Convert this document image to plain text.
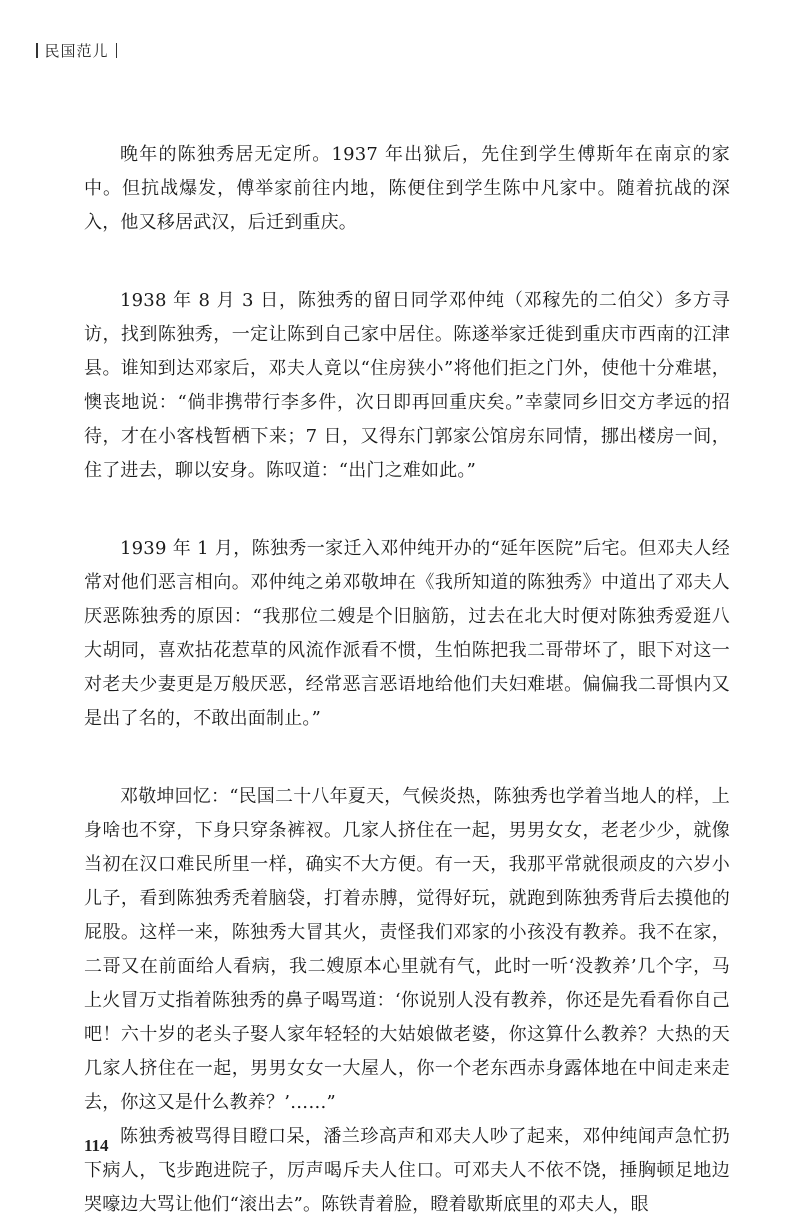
民国范儿

晚年的陈独秀居无定所。1937 年出狱后，先住到学生傅斯年在南京的家中。但抗战爆发，傅举家前往内地，陈便住到学生陈中凡家中。随着抗战的深入，他又移居武汉，后迁到重庆。

1938 年 8 月 3 日，陈独秀的留日同学邓仲纯（邓稼先的二伯父）多方寻访，找到陈独秀，一定让陈到自己家中居住。陈遂举家迁徙到重庆市西南的江津县。谁知到达邓家后，邓夫人竟以“住房狭小”将他们拒之门外，使他十分难堪，懊丧地说：“倘非携带行李多件，次日即再回重庆矣。”幸蒙同乡旧交方孝远的招待，才在小客栈暂栖下来；7 日，又得东门郭家公馆房东同情，挪出楼房一间，住了进去，聊以安身。陈叹道：“出门之难如此。”

1939 年 1 月，陈独秀一家迁入邓仲纯开办的“延年医院”后宅。但邓夫人经常对他们恶言相向。邓仲纯之弟邓敬坤在《我所知道的陈独秀》中道出了邓夫人厌恶陈独秀的原因：“我那位二嫂是个旧脑筋，过去在北大时便对陈独秀爱逛八大胡同，喜欢拈花惹草的风流作派看不惯，生怕陈把我二哥带坏了，眼下对这一对老夫少妻更是万般厌恶，经常恶言恶语地给他们夫妇难堪。偏偏我二哥惧内又是出了名的，不敢出面制止。”

邓敬坤回忆：“民国二十八年夏天，气候炎热，陈独秀也学着当地人的样，上身啥也不穿，下身只穿条裤衩。几家人挤住在一起，男男女女，老老少少，就像当初在汉口难民所里一样，确实不大方便。有一天，我那平常就很顽皮的六岁小儿子，看到陈独秀秃着脑袋，打着赤膊，觉得好玩，就跑到陈独秀背后去摸他的屁股。这样一来，陈独秀大冒其火，责怪我们邓家的小孩没有教养。我不在家，二哥又在前面给人看病，我二嫂原本心里就有气，此时一听‘没教养’几个字，马上火冒万丈指着陈独秀的鼻子喝骂道：‘你说别人没有教养，你还是先看看你自己吧！六十岁的老头子娶人家年轻轻的大姑娘做老婆，你这算什么教养？大热的天几家人挤住在一起，男男女女一大屋人，你一个老东西赤身露体地在中间走来走去，你这又是什么教养？’……”

陈独秀被骂得目瞪口呆，潘兰珍高声和邓夫人吵了起来，邓仲纯闻声急忙扔下病人，飞步跑进院子，厉声喝斥夫人住口。可邓夫人不依不饶，捶胸顿足地边哭嚎边大骂让他们“滚出去”。陈铁青着脸，瞪着歇斯底里的邓夫人，眼

114
